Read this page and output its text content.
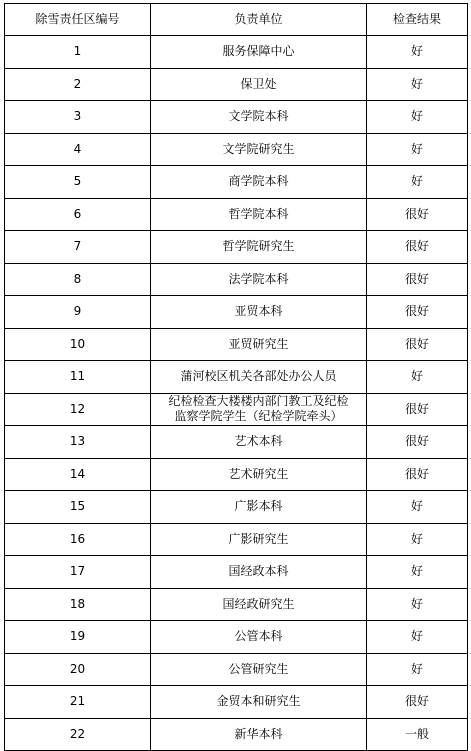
除雪责任区编号	负责单位	检查结果
1	服务保障中心	好
2	保卫处	好
3	文学院本科	好
4	文学院研究生	好
5	商学院本科	好
6	哲学院本科	很好
7	哲学院研究生	很好
8	法学院本科	很好
9	亚贸本科	很好
10	亚贸研究生	很好
11	蒲河校区机关各部处办公人员	好
12	纪检检查大楼楼内部门教工及纪检
监察学院学生（纪检学院牵头）	很好
13	艺术本科	很好
14	艺术研究生	很好
15	广影本科	好
16	广影研究生	好
17	国经政本科	好
18	国经政研究生	好
19	公管本科	好
20	公管研究生	好
21	金贸本和研究生	很好
22	新华本科	一般
